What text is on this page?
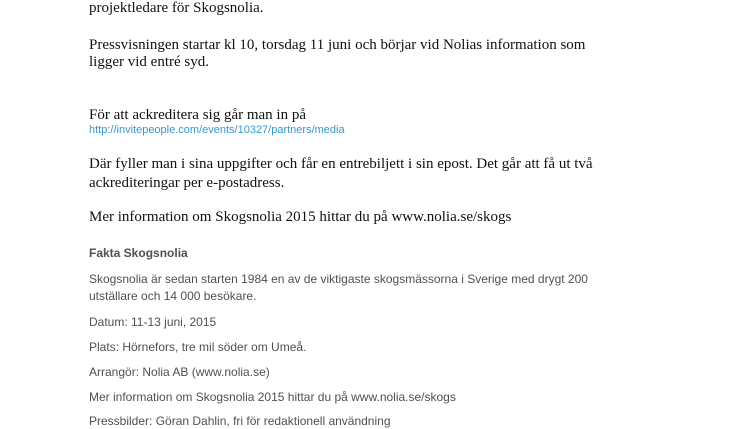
projektledare för Skogsnolia.

Pressvisningen startar kl 10, torsdag 11 juni och börjar vid Nolias information som

ligger vid entré syd.

För att ackreditera sig går man in på

http://invitepeople.com/events/10327/partners/media

Där fyller man i sina uppgifter och får en entrebiljett i sin epost. Det går att få ut två

ackrediteringar per e-postadress.

Mer information om Skogsnolia 2015 hittar du på www.nolia.se/skogs

Fakta Skogsnolia

Skogsnolia är sedan starten 1984 en av de viktigaste skogsmässorna i Sverige med drygt 200

utställare och 14 000 besökare.

Datum: 11-13 juni, 2015

Plats: Hörnefors, tre mil söder om Umeå.

Arrangör: Nolia AB (www.nolia.se)

Mer information om Skogsnolia 2015 hittar du på www.nolia.se/skogs

Pressbilder: Göran Dahlin, fri för redaktionell användning
